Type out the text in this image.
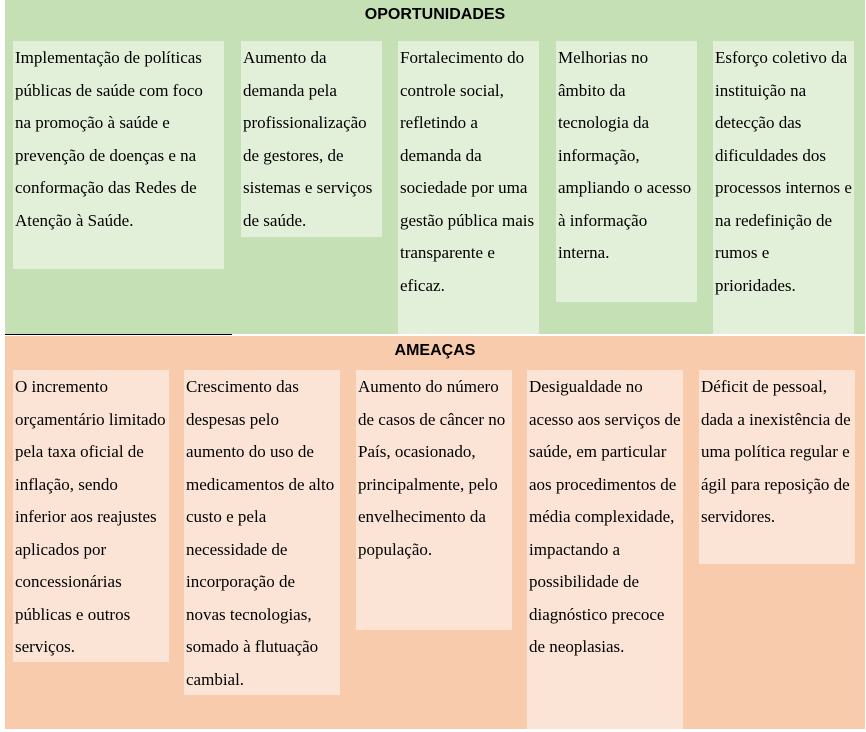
OPORTUNIDADES
Implementação de políticas públicas de saúde com foco na promoção à saúde e prevenção de doenças e na conformação das Redes de Atenção à Saúde.
Aumento da demanda pela profissionalização de gestores, de sistemas e serviços de saúde.
Fortalecimento do controle social, refletindo a demanda da sociedade por uma gestão pública mais transparente e eficaz.
Melhorias no âmbito da tecnologia da informação, ampliando o acesso à informação interna.
Esforço coletivo da instituição na detecção das dificuldades dos processos internos e na redefinição de rumos e prioridades.
AMEAÇAS
O incremento orçamentário limitado pela taxa oficial de inflação, sendo inferior aos reajustes aplicados por concessionárias públicas e outros serviços.
Crescimento das despesas pelo aumento do uso de medicamentos de alto custo e pela necessidade de incorporação de novas tecnologias, somado à flutuação cambial.
Aumento do número de casos de câncer no País, ocasionado, principalmente, pelo envelhecimento da população.
Desigualdade no acesso aos serviços de saúde, em particular aos procedimentos de média complexidade, impactando a possibilidade de diagnóstico precoce de neoplasias.
Déficit de pessoal, dada a inexistência de uma política regular e ágil para reposição de servidores.
